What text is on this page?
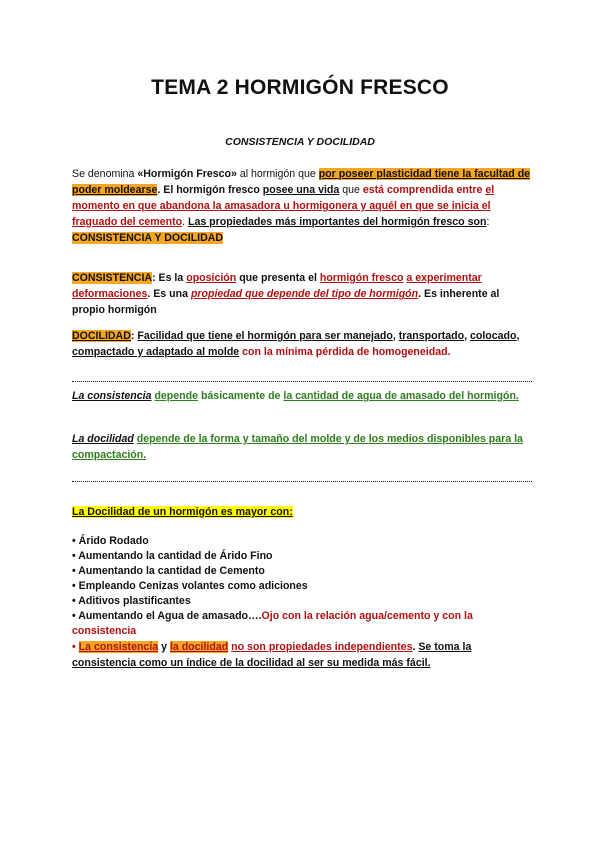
TEMA 2 HORMIGÓN FRESCO
CONSISTENCIA Y DOCILIDAD
Se denomina «Hormigón Fresco» al hormigón que por poseer plasticidad tiene la facultad de poder moldearse. El hormigón fresco posee una vida que está comprendida entre el momento en que abandona la amasadora u hormigonera y aquél en que se inicia el fraguado del cemento. Las propiedades más importantes del hormigón fresco son: CONSISTENCIA Y DOCILIDAD
CONSISTENCIA: Es la oposición que presenta el hormigón fresco a experimentar deformaciones. Es una propiedad que depende del tipo de hormigón. Es inherente al propio hormigón
DOCILIDAD: Facilidad que tiene el hormigón para ser manejado, transportado, colocado, compactado y adaptado al molde con la mínima pérdida de homogeneidad.
La consistencia depende básicamente de la cantidad de agua de amasado del hormigón.
La docilidad depende de la forma y tamaño del molde y de los medios disponibles para la compactación.
La Docilidad de un hormigón es mayor con:
• Árido Rodado
• Aumentando la cantidad de Árido Fino
• Aumentando la cantidad de Cemento
• Empleando Cenizas volantes como adiciones
• Aditivos plastificantes
• Aumentando el Agua de amasado….Ojo con la relación agua/cemento y con la consistencia
• La consistencia y la docilidad no son propiedades independientes. Se toma la consistencia como un índice de la docilidad al ser su medida más fácil.
